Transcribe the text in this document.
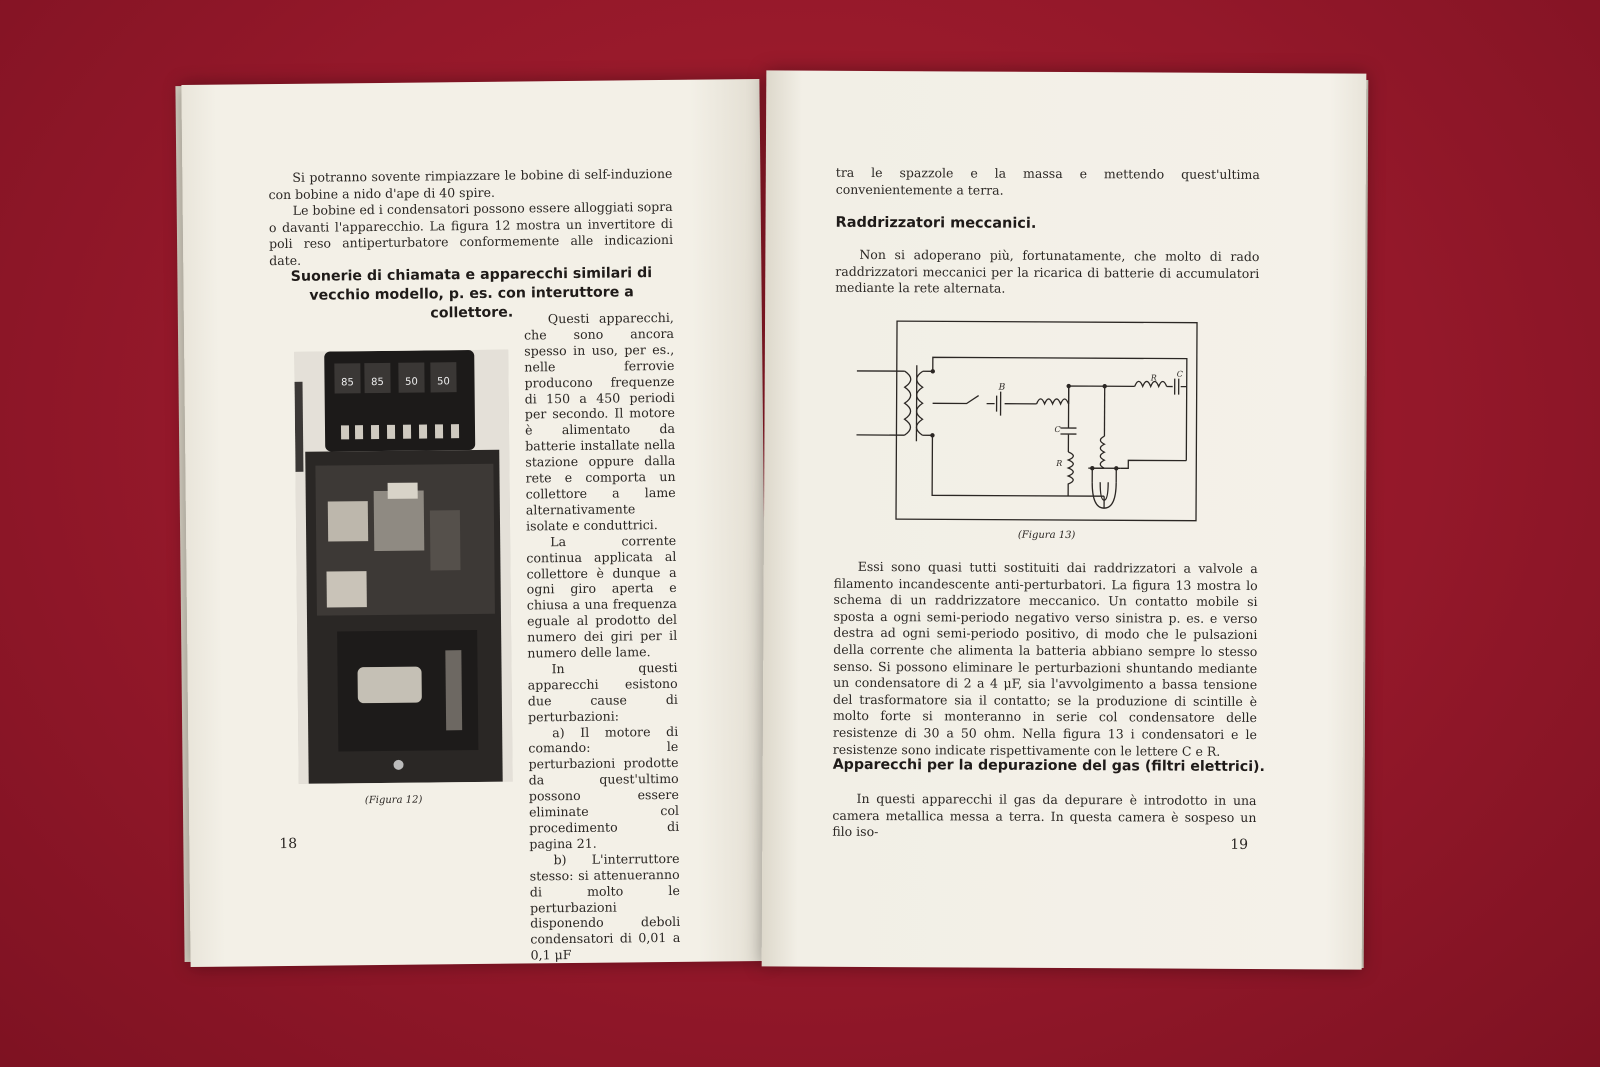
Si potranno sovente rimpiazzare le bobine di self-induzione con bobine a nido d'ape di 40 spire.

Le bobine ed i condensatori possono essere alloggiati sopra o davanti l'apparecchio. La figura 12 mostra un invertitore di poli reso antiperturbatore conformemente alle indicazioni date.

Suonerie di chiamata e apparecchi similari di vecchio modello, p. es. con interuttore a collettore.
85 85 50 50
(Figura 12)

Questi apparecchi, che sono ancora spesso in uso, per es., nelle ferrovie producono frequenze di 150 a 450 periodi per secondo. Il motore è alimentato da batterie installate nella stazione oppure dalla rete e comporta un collettore a lame alternativamente isolate e conduttrici.

La corrente continua applicata al collettore è dunque a ogni giro aperta e chiusa a una frequenza eguale al prodotto del numero dei giri per il numero delle lame.

In questi apparecchi esistono due cause di perturbazioni:

a) Il motore di comando: le perturbazioni prodotte da quest'ultimo possono essere eliminate col procedimento di pagina 21.

b) L'interruttore stesso: si attenueranno di molto le perturbazioni disponendo deboli condensatori di 0,01 a 0,1 μF

18

tra le spazzole e la massa e mettendo quest'ultima convenientemente a terra.

Raddrizzatori meccanici.

Non si adoperano più, fortunatamente, che molto di rado raddrizzatori meccanici per la ricarica di batterie di accumulatori mediante la rete alternata.

B
C
R
R C
(Figura 13)

Essi sono quasi tutti sostituiti dai raddrizzatori a valvole a filamento incandescente anti-perturbatori. La figura 13 mostra lo schema di un raddrizzatore meccanico. Un contatto mobile si sposta a ogni semi-periodo negativo verso sinistra p. es. e verso destra ad ogni semi-periodo positivo, di modo che le pulsazioni della corrente che alimenta la batteria abbiano sempre lo stesso senso. Si possono eliminare le perturbazioni shuntando mediante un condensatore di 2 a 4 μF, sia l'avvolgimento a bassa tensione del trasformatore sia il contatto; se la produzione di scintille è molto forte si monteranno in serie col condensatore delle resistenze di 30 a 50 ohm. Nella figura 13 i condensatori e le resistenze sono indicate rispettivamente con le lettere C e R.

Apparecchi per la depurazione del gas (filtri elettrici).

In questi apparecchi il gas da depurare è introdotto in una camera metallica messa a terra. In questa camera è sospeso un filo iso-

19
